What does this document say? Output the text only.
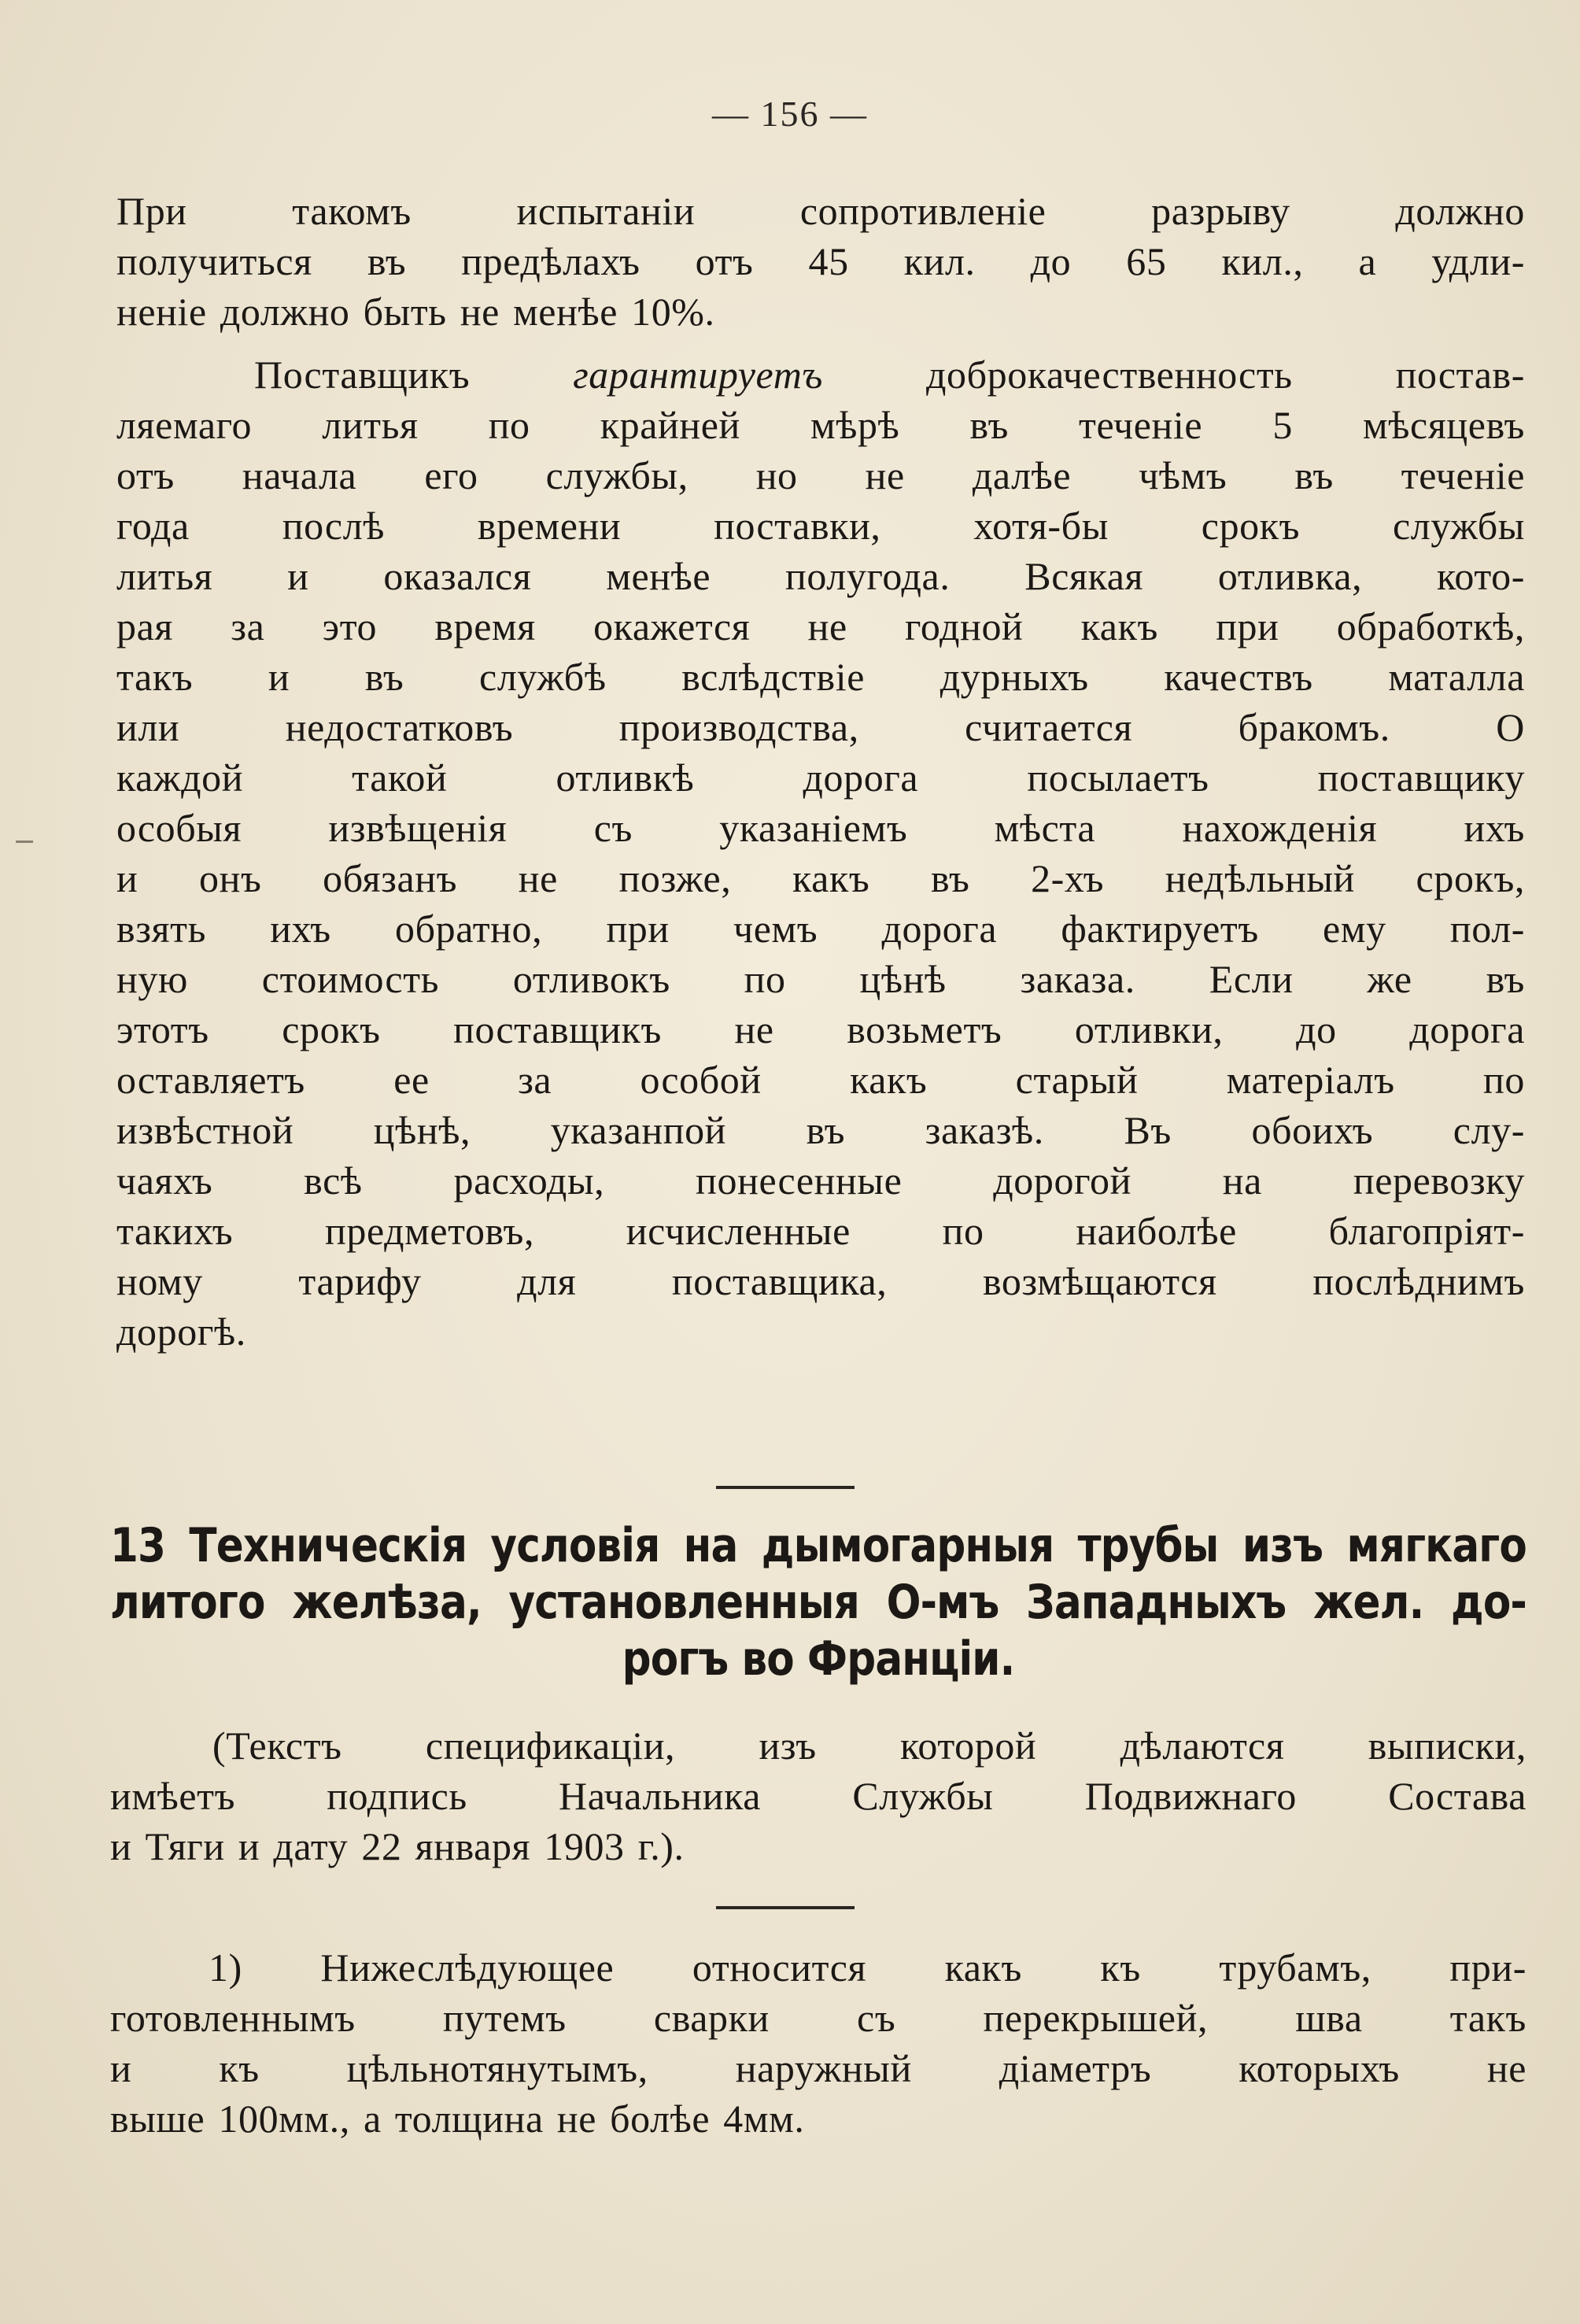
— 156 —
При такомъ испытаніи сопротивленіе разрыву должно
получиться въ предѣлахъ отъ 45 кил. до 65 кил., а удли-
неніе должно быть не менѣе 10%.
Поставщикъ гарантируетъ доброкачественность постав-
ляемаго литья по крайней мѣрѣ въ теченіе 5 мѣсяцевъ
отъ начала его службы, но не далѣе чѣмъ въ теченіе
года послѣ времени поставки, хотя-бы срокъ службы
литья и оказался менѣе полугода. Всякая отливка, кото-
рая за это время окажется не годной какъ при обработкѣ,
такъ и въ службѣ вслѣдствіе дурныхъ качествъ маталла
или недостатковъ производства, считается бракомъ. О
каждой такой отливкѣ дорога посылаетъ поставщику
особыя извѣщенія съ указаніемъ мѣста нахожденія ихъ
и онъ обязанъ не позже, какъ въ 2-хъ недѣльный срокъ,
взять ихъ обратно, при чемъ дорога фактируетъ ему пол-
ную стоимость отливокъ по цѣнѣ заказа. Если же въ
этотъ срокъ поставщикъ не возьметъ отливки, до дорога
оставляетъ ее за особой какъ старый матеріалъ по
извѣстной цѣнѣ, указанпой въ заказѣ. Въ обоихъ слу-
чаяхъ всѣ расходы, понесенные дорогой на перевозку
такихъ предметовъ, исчисленные по наиболѣе благопріят-
ному тарифу для поставщика, возмѣщаются послѣднимъ
дорогѣ.
13 Техническія условія на дымогарныя трубы изъ мягкаго
литого желѣза, установленныя О-мъ Западныхъ жел. до-
рогъ во Франціи.
(Текстъ спецификаціи, изъ которой дѣлаются выписки,
имѣетъ подпись Начальника Службы Подвижнаго Состава
и Тяги и дату 22 января 1903 г.).
1) Нижеслѣдующее относится какъ къ трубамъ, при-
готовленнымъ путемъ сварки съ перекрышей, шва такъ
и къ цѣльнотянутымъ, наружный діаметръ которыхъ не
выше 100мм., а толщина не болѣе 4мм.
